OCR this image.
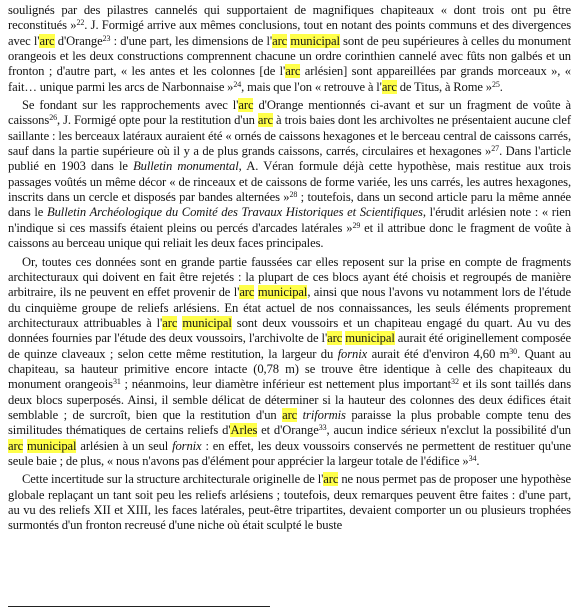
soulignés par des pilastres cannelés qui supportaient de magnifiques chapiteaux « dont trois ont pu être reconstitués »$^{22}$. J. Formigé arrive aux mêmes conclusions, tout en notant des points communs et des divergences avec l'arc d'Orange$^{23}$ : d'une part, les dimensions de l'arc municipal sont de peu supérieures à celles du monument orangeois et les deux constructions comprennent chacune un ordre corinthien cannelé avec fûts non galbés et un fronton ; d'autre part, « les antes et les colonnes [de l'arc arlésien] sont appareillées par grands morceaux », « fait… unique parmi les arcs de Narbonnaise »$^{24}$, mais que l'on « retrouve à l'arc de Titus, à Rome »$^{25}$.

Se fondant sur les rapprochements avec l'arc d'Orange mentionnés ci-avant et sur un fragment de voûte à caissons$^{26}$, J. Formigé opte pour la restitution d'un arc à trois baies dont les archivoltes ne présentaient aucune clef saillante : les berceaux latéraux auraient été « ornés de caissons hexagones et le berceau central de caissons carrés, sauf dans la partie supérieure où il y a de plus grands caissons, carrés, circulaires et hexagones »$^{27}$. Dans l'article publié en 1903 dans le Bulletin monumental, A. Véran formule déjà cette hypothèse, mais restitue aux trois passages voûtés un même décor « de rinceaux et de caissons de forme variée, les uns carrés, les autres hexagones, inscrits dans un cercle et disposés par bandes alternées »$^{28}$ ; toutefois, dans un second article paru la même année dans le Bulletin Archéologique du Comité des Travaux Historiques et Scientifiques, l'érudit arlésien note : « rien n'indique si ces massifs étaient pleins ou percés d'arcades latérales »$^{29}$ et il attribue donc le fragment de voûte à caissons au berceau unique qui reliait les deux faces principales.

Or, toutes ces données sont en grande partie faussées car elles reposent sur la prise en compte de fragments architecturaux qui doivent en fait être rejetés : la plupart de ces blocs ayant été choisis et regroupés de manière arbitraire, ils ne peuvent en effet provenir de l'arc municipal, ainsi que nous l'avons vu notamment lors de l'étude du cinquième groupe de reliefs arlésiens. En état actuel de nos connaissances, les seuls éléments proprement architecturaux attribuables à l'arc municipal sont deux voussoirs et un chapiteau engagé du quart. Au vu des données fournies par l'étude des deux voussoirs, l'archivolte de l'arc municipal aurait été originellement composée de quinze claveaux ; selon cette même restitution, la largeur du fornix aurait été d'environ 4,60 $m^{30}$. Quant au chapiteau, sa hauteur primitive encore intacte (0,78 m) se trouve être identique à celle des chapiteaux du monument orangeois$^{31}$ ; néanmoins, leur diamètre inférieur est nettement plus important$^{32}$ et ils sont taillés dans deux blocs superposés. Ainsi, il semble délicat de déterminer si la hauteur des colonnes des deux édifices était semblable ; de surcroît, bien que la restitution d'un arc triformis paraisse la plus probable compte tenu des similitudes thématiques de certains reliefs d'Arles et d'Orange$^{33}$, aucun indice sérieux n'exclut la possibilité d'un arc municipal arlésien à un seul fornix : en effet, les deux voussoirs conservés ne permettent de restituer qu'une seule baie ; de plus, « nous n'avons pas d'élément pour apprécier la largeur totale de l'édifice »$^{34}$.

Cette incertitude sur la structure architecturale originelle de l'arc ne nous permet pas de proposer une hypothèse globale replaçant un tant soit peu les reliefs arlésiens ; toutefois, deux remarques peuvent être faites : d'une part, au vu des reliefs XII et XIII, les faces latérales, peut-être tripartites, devaient comporter un ou plusieurs trophées surmontés d'un fronton recreusé d'une niche où était sculpté le buste
